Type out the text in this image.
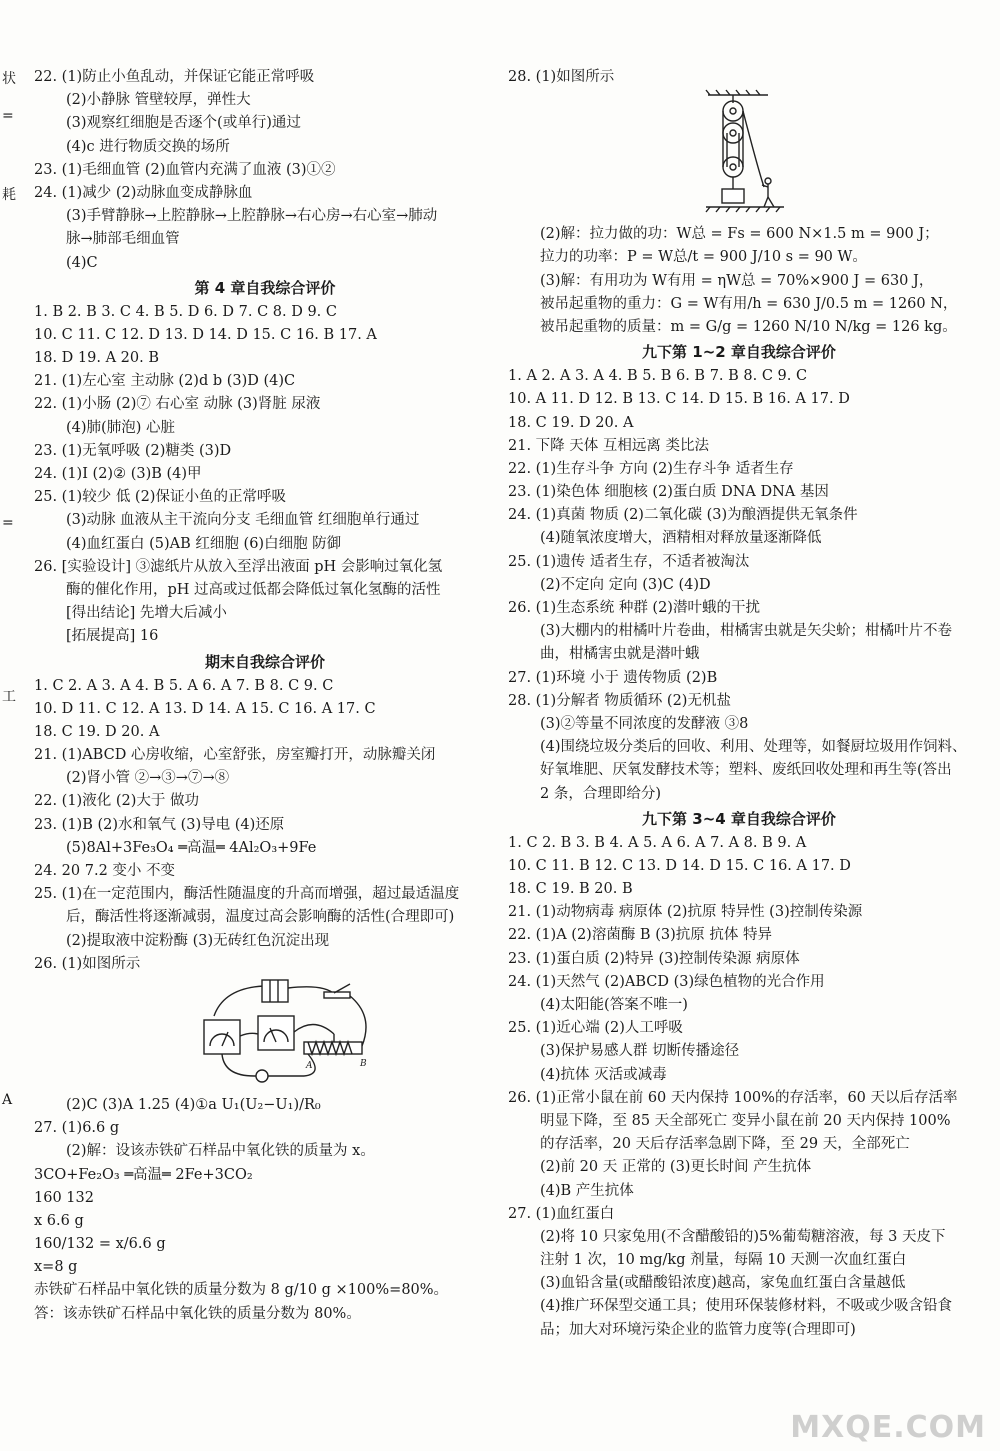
状
=
耗
=
工
A
22. (1)防止小鱼乱动，并保证它能正常呼吸
(2)小静脉 管壁较厚，弹性大
(3)观察红细胞是否逐个(或单行)通过
(4)c 进行物质交换的场所
23. (1)毛细血管 (2)血管内充满了血液 (3)①②
24. (1)减少 (2)动脉血变成静脉血
(3)手臂静脉→上腔静脉→上腔静脉→右心房→右心室→肺动
脉→肺部毛细血管
(4)C
第 4 章自我综合评价
1. B 2. B 3. C 4. B 5. D 6. D 7. C 8. D 9. C
10. C 11. C 12. D 13. D 14. D 15. C 16. B 17. A
18. D 19. A 20. B
21. (1)左心室 主动脉 (2)d b (3)D (4)C
22. (1)小肠 (2)⑦ 右心室 动脉 (3)肾脏 尿液
(4)肺(肺泡) 心脏
23. (1)无氧呼吸 (2)糖类 (3)D
24. (1)Ⅰ (2)② (3)B (4)甲
25. (1)较少 低 (2)保证小鱼的正常呼吸
(3)动脉 血液从主干流向分支 毛细血管 红细胞单行通过
(4)血红蛋白 (5)AB 红细胞 (6)白细胞 防御
26. [实验设计] ③滤纸片从放入至浮出液面 pH 会影响过氧化氢
酶的催化作用，pH 过高或过低都会降低过氧化氢酶的活性
[得出结论] 先增大后减小
[拓展提高] 16
期末自我综合评价
1. C 2. A 3. A 4. B 5. A 6. A 7. B 8. C 9. C
10. D 11. C 12. A 13. D 14. A 15. C 16. A 17. C
18. C 19. D 20. A
21. (1)ABCD 心房收缩，心室舒张，房室瓣打开，动脉瓣关闭
(2)肾小管 ②→③→⑦→⑧
22. (1)液化 (2)大于 做功
23. (1)B (2)水和氧气 (3)导电 (4)还原
(5)8Al+3Fe₃O₄ ═高温═ 4Al₂O₃+9Fe
24. 20 7.2 变小 不变
25. (1)在一定范围内，酶活性随温度的升高而增强，超过最适温度
后，酶活性将逐渐减弱，温度过高会影响酶的活性(合理即可)
(2)提取液中淀粉酶 (3)无砖红色沉淀出现
26. (1)如图所示
A	B
(2)C (3)A 1.25 (4)①a U₁(U₂−U₁)/R₀
27. (1)6.6 g
(2)解：设该赤铁矿石样品中氧化铁的质量为 x。
3CO+Fe₂O₃ ═高温═ 2Fe+3CO₂
160 132
x 6.6 g
160/132 = x/6.6 g
x=8 g
赤铁矿石样品中氧化铁的质量分数为 8 g/10 g ×100%=80%。
答：该赤铁矿石样品中氧化铁的质量分数为 80%。
28. (1)如图所示
(2)解：拉力做的功：W总 = Fs = 600 N×1.5 m = 900 J；
拉力的功率：P = W总/t = 900 J/10 s = 90 W。
(3)解：有用功为 W有用 = ηW总 = 70%×900 J = 630 J，
被吊起重物的重力：G = W有用/h = 630 J/0.5 m = 1260 N，
被吊起重物的质量：m = G/g = 1260 N/10 N/kg = 126 kg。
九下第 1~2 章自我综合评价
1. A 2. A 3. A 4. B 5. B 6. B 7. B 8. C 9. C
10. A 11. D 12. B 13. C 14. D 15. B 16. A 17. D
18. C 19. D 20. A
21. 下降 天体 互相远离 类比法
22. (1)生存斗争 方向 (2)生存斗争 适者生存
23. (1)染色体 细胞核 (2)蛋白质 DNA DNA 基因
24. (1)真菌 物质 (2)二氧化碳 (3)为酿酒提供无氧条件
(4)随氧浓度增大，酒精相对释放量逐渐降低
25. (1)遗传 适者生存，不适者被淘汰
(2)不定向 定向 (3)C (4)D
26. (1)生态系统 种群 (2)潜叶蛾的干扰
(3)大棚内的柑橘叶片卷曲，柑橘害虫就是矢尖蚧；柑橘叶片不卷
曲，柑橘害虫就是潜叶蛾
27. (1)环境 小于 遗传物质 (2)B
28. (1)分解者 物质循环 (2)无机盐
(3)②等量不同浓度的发酵液 ③8
(4)围绕垃圾分类后的回收、利用、处理等，如餐厨垃圾用作饲料、
好氧堆肥、厌氧发酵技术等；塑料、废纸回收处理和再生等(答出
2 条，合理即给分)
九下第 3~4 章自我综合评价
1. C 2. B 3. B 4. A 5. A 6. A 7. A 8. B 9. A
10. C 11. B 12. C 13. D 14. D 15. C 16. A 17. D
18. C 19. B 20. B
21. (1)动物病毒 病原体 (2)抗原 特异性 (3)控制传染源
22. (1)A (2)溶菌酶 B (3)抗原 抗体 特异
23. (1)蛋白质 (2)特异 (3)控制传染源 病原体
24. (1)天然气 (2)ABCD (3)绿色植物的光合作用
(4)太阳能(答案不唯一)
25. (1)近心端 (2)人工呼吸
(3)保护易感人群 切断传播途径
(4)抗体 灭活或减毒
26. (1)正常小鼠在前 60 天内保持 100%的存活率，60 天以后存活率
明显下降，至 85 天全部死亡 变异小鼠在前 20 天内保持 100%
的存活率，20 天后存活率急剧下降，至 29 天，全部死亡
(2)前 20 天 正常的 (3)更长时间 产生抗体
(4)B 产生抗体
27. (1)血红蛋白
(2)将 10 只家兔用(不含醋酸铅的)5%葡萄糖溶液，每 3 天皮下
注射 1 次，10 mg/kg 剂量，每隔 10 天测一次血红蛋白
(3)血铅含量(或醋酸铅浓度)越高，家兔血红蛋白含量越低
(4)推广环保型交通工具；使用环保装修材料，不吸或少吸含铅食
品；加大对环境污染企业的监管力度等(合理即可)
MXQE.COM
